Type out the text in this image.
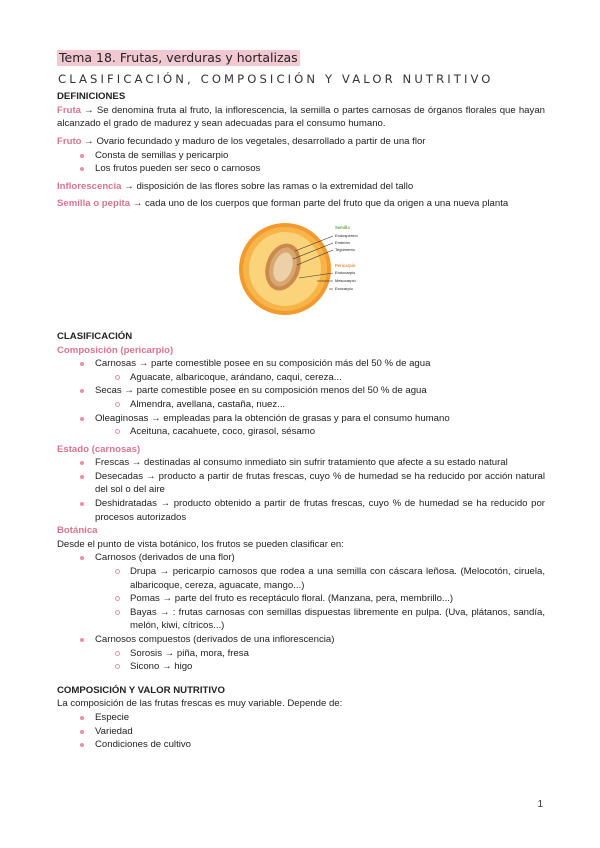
Tema 18. Frutas, verduras y hortalizas
CLASIFICACIÓN, COMPOSICIÓN Y VALOR NUTRITIVO
DEFINICIONES

Fruta → Se denomina fruta al fruto, la inflorescencia, la semilla o partes carnosas de órganos florales que hayan alcanzado el grado de madurez y sean adecuadas para el consumo humano.

Fruto → Ovario fecundado y maduro de los vegetales, desarrollado a partir de una flor

Consta de semillas y pericarpio
Los frutos pueden ser seco o carnosos

Inflorescencia → disposición de las flores sobre las ramas o la extremidad del tallo

Semilla o pepita → cada uno de los cuerpos que forman parte del fruto que da origen a una nueva planta

Semilla
Endospermo
Embrión
Tegumento
Pericarpio
Endocarpio
Mesocarpio
Exocarpio
CLASIFICACIÓN
Composición (pericarpio)
Carnosas → parte comestible posee en su composición más del 50 % de agua
Aguacate, albaricoque, arándano, caqui, cereza...
Secas → parte comestible posee en su composición menos del 50 % de agua
Almendra, avellana, castaña, nuez...
Oleaginosas → empleadas para la obtención de grasas y para el consumo humano
Aceituna, cacahuete, coco, girasol, sésamo
Estado (carnosas)
Frescas → destinadas al consumo inmediato sin sufrir tratamiento que afecte a su estado natural
Desecadas → producto a partir de frutas frescas, cuyo % de humedad se ha reducido por acción natural del sol o del aire
Deshidratadas → producto obtenido a partir de frutas frescas, cuyo % de humedad se ha reducido por procesos autorizados
Botánica

Desde el punto de vista botánico, los frutos se pueden clasificar en:

Carnosos (derivados de una flor)
Drupa → pericarpio carnosos que rodea a una semilla con cáscara leñosa. (Melocotón, ciruela, albaricoque, cereza, aguacate, mango...)
Pomas → parte del fruto es receptáculo floral. (Manzana, pera, membrillo...)
Bayas → : frutas carnosas con semillas dispuestas libremente en pulpa. (Uva, plátanos, sandía, melón, kiwi, cítricos...)
Carnosos compuestos (derivados de una inflorescencia)
Sorosis → piña, mora, fresa
Sicono → higo
COMPOSICIÓN Y VALOR NUTRITIVO

La composición de las frutas frescas es muy variable. Depende de:

Especie
Variedad
Condiciones de cultivo
1
